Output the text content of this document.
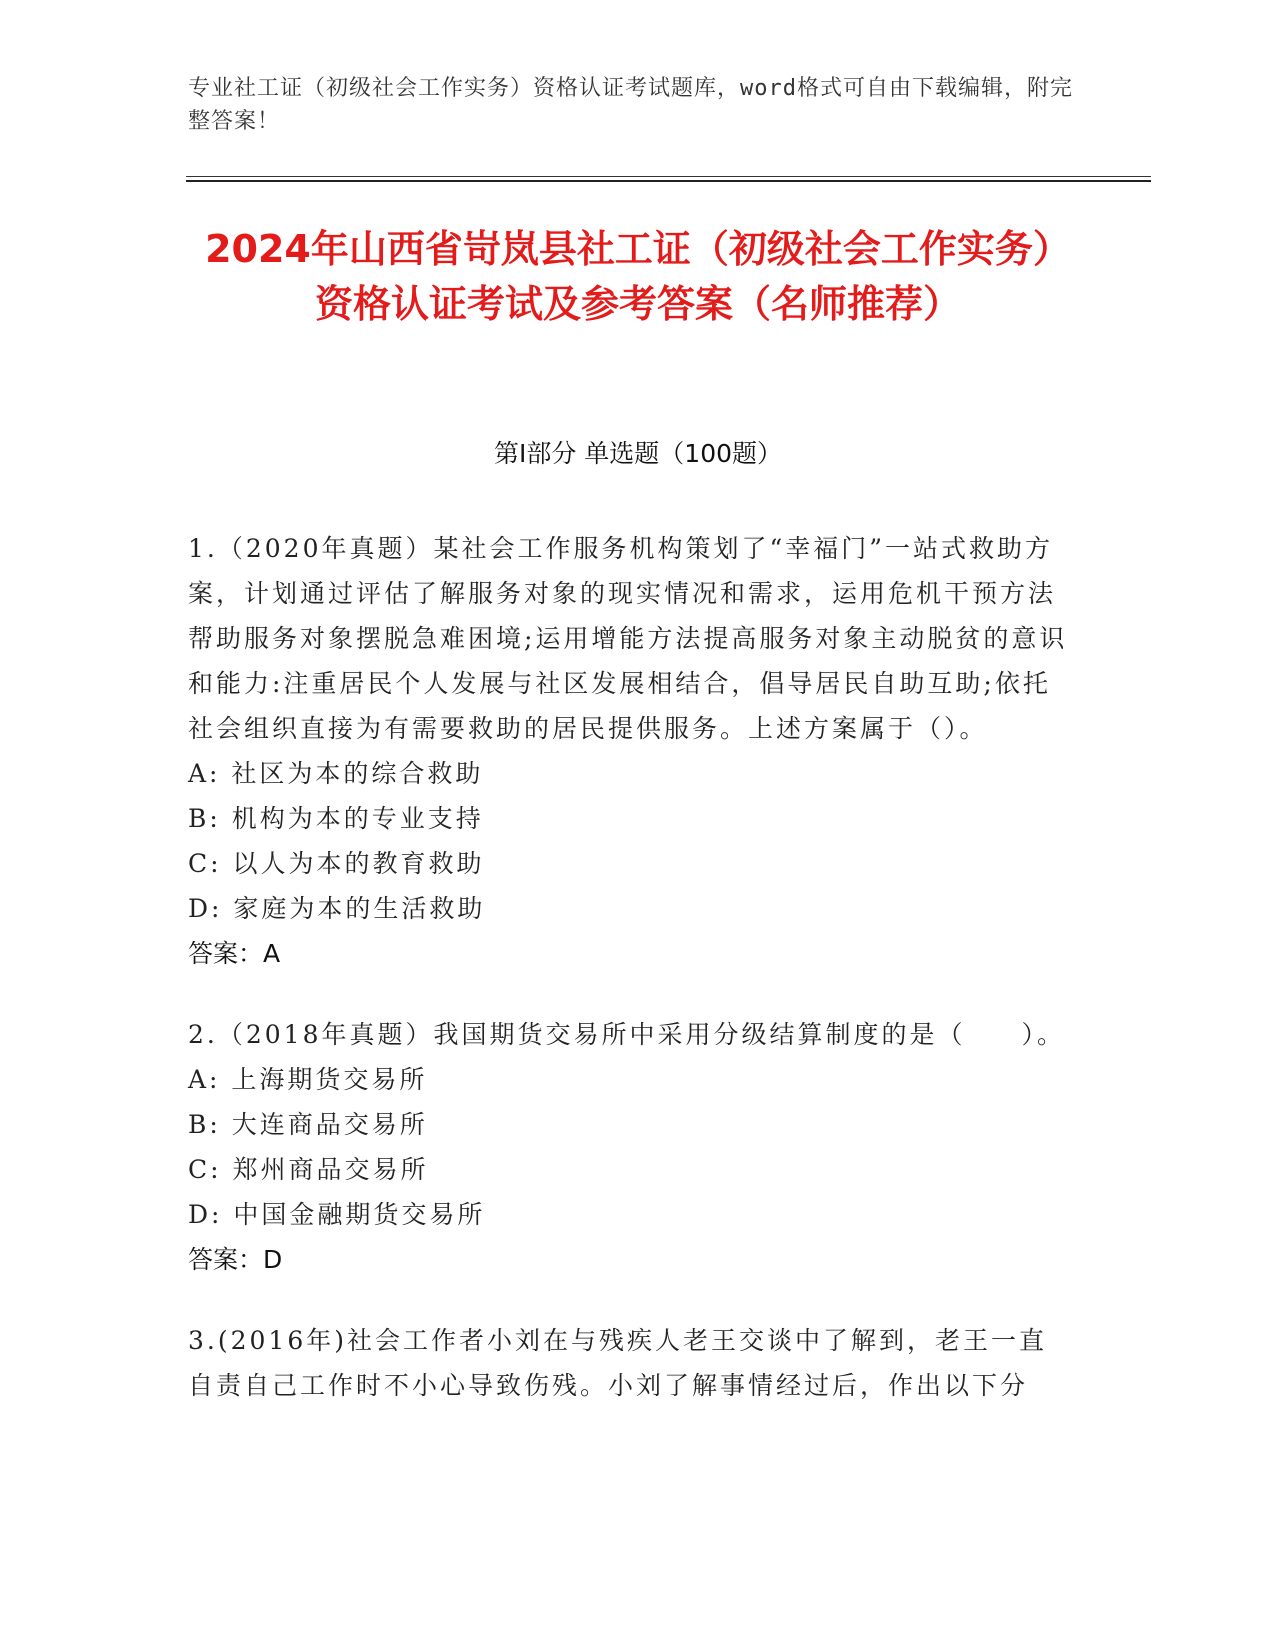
专业社工证（初级社会工作实务）资格认证考试题库，word格式可自由下载编辑，附完整答案！
2024年山西省岢岚县社工证（初级社会工作实务）资格认证考试及参考答案（名师推荐）
第I部分 单选题（100题）
1.（2020年真题）某社会工作服务机构策划了“幸福门”一站式救助方案，计划通过评估了解服务对象的现实情况和需求，运用危机干预方法帮助服务对象摆脱急难困境;运用增能方法提高服务对象主动脱贫的意识和能力:注重居民个人发展与社区发展相结合，倡导居民自助互助;依托社会组织直接为有需要救助的居民提供服务。上述方案属于（）。
A: 社区为本的综合救助
B: 机构为本的专业支持
C: 以人为本的教育救助
D: 家庭为本的生活救助
答案：A
2.（2018年真题）我国期货交易所中采用分级结算制度的是（　　）。
A: 上海期货交易所
B: 大连商品交易所
C: 郑州商品交易所
D: 中国金融期货交易所
答案：D
3.(2016年)社会工作者小刘在与残疾人老王交谈中了解到，老王一直自责自己工作时不小心导致伤残。小刘了解事情经过后，作出以下分
